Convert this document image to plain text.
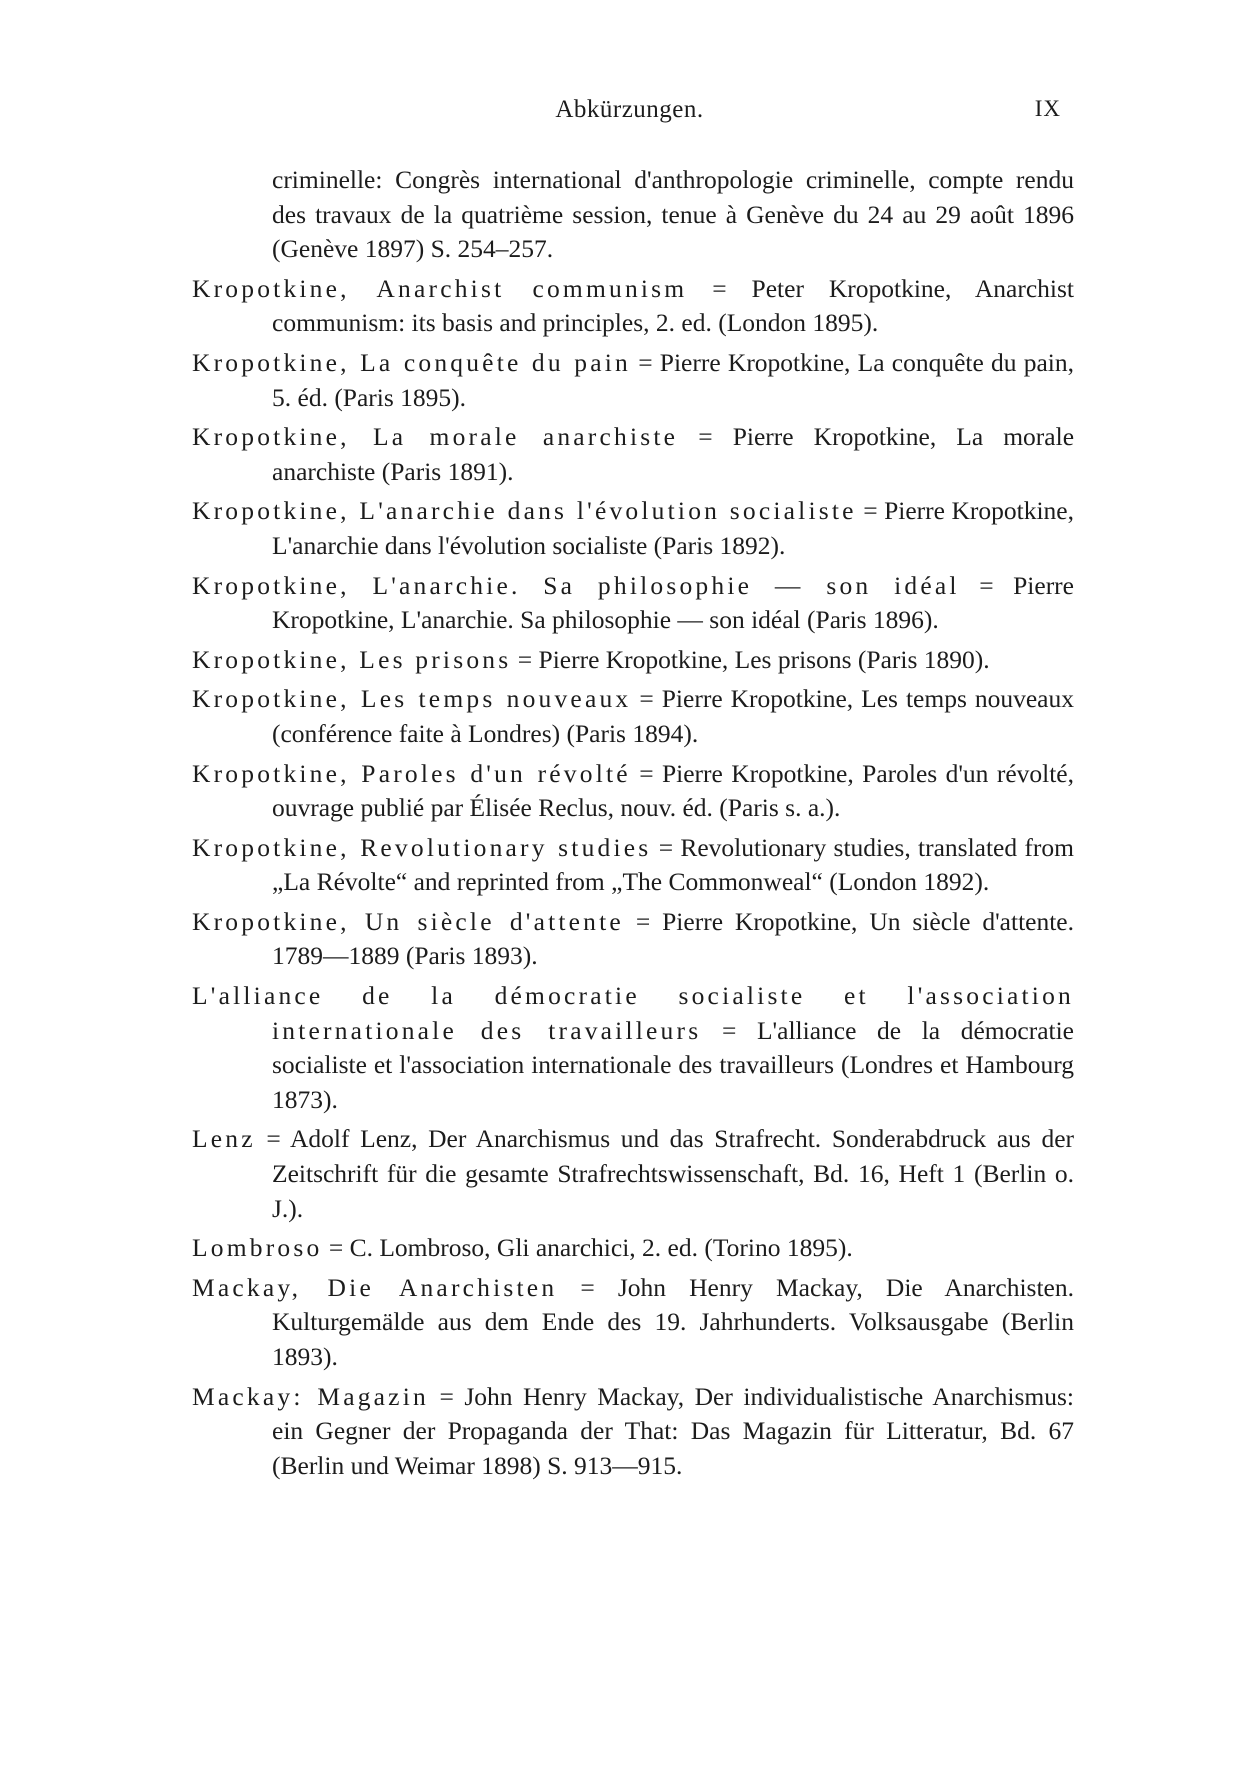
Abkürzungen.	IX

criminelle: Congrès international d'anthropologie criminelle, compte rendu des travaux de la quatrième session, tenue à Genève du 24 au 29 août 1896 (Genève 1897) S. 254–257.

Kropotkine, Anarchist communism = Peter Kropotkine, Anarchist communism: its basis and principles, 2. ed. (London 1895).

Kropotkine, La conquête du pain = Pierre Kropotkine, La conquête du pain, 5. éd. (Paris 1895).

Kropotkine, La morale anarchiste = Pierre Kropotkine, La morale anarchiste (Paris 1891).

Kropotkine, L'anarchie dans l'évolution socialiste = Pierre Kropotkine, L'anarchie dans l'évolution socialiste (Paris 1892).

Kropotkine, L'anarchie. Sa philosophie — son idéal = Pierre Kropotkine, L'anarchie. Sa philosophie — son idéal (Paris 1896).

Kropotkine, Les prisons = Pierre Kropotkine, Les prisons (Paris 1890).

Kropotkine, Les temps nouveaux = Pierre Kropotkine, Les temps nouveaux (conférence faite à Londres) (Paris 1894).

Kropotkine, Paroles d'un révolté = Pierre Kropotkine, Paroles d'un révolté, ouvrage publié par Élisée Reclus, nouv. éd. (Paris s. a.).

Kropotkine, Revolutionary studies = Revolutionary studies, translated from „La Révolte“ and reprinted from „The Commonweal“ (London 1892).

Kropotkine, Un siècle d'attente = Pierre Kropotkine, Un siècle d'attente. 1789—1889 (Paris 1893).

L'alliance de la démocratie socialiste et l'association internationale des travailleurs = L'alliance de la démocratie socialiste et l'association internationale des travailleurs (Londres et Hambourg 1873).

Lenz = Adolf Lenz, Der Anarchismus und das Strafrecht. Sonderabdruck aus der Zeitschrift für die gesamte Strafrechtswissenschaft, Bd. 16, Heft 1 (Berlin o. J.).

Lombroso = C. Lombroso, Gli anarchici, 2. ed. (Torino 1895).

Mackay, Die Anarchisten = John Henry Mackay, Die Anarchisten. Kulturgemälde aus dem Ende des 19. Jahrhunderts. Volksausgabe (Berlin 1893).

Mackay: Magazin = John Henry Mackay, Der individualistische Anarchismus: ein Gegner der Propaganda der That: Das Magazin für Litteratur, Bd. 67 (Berlin und Weimar 1898) S. 913—915.
